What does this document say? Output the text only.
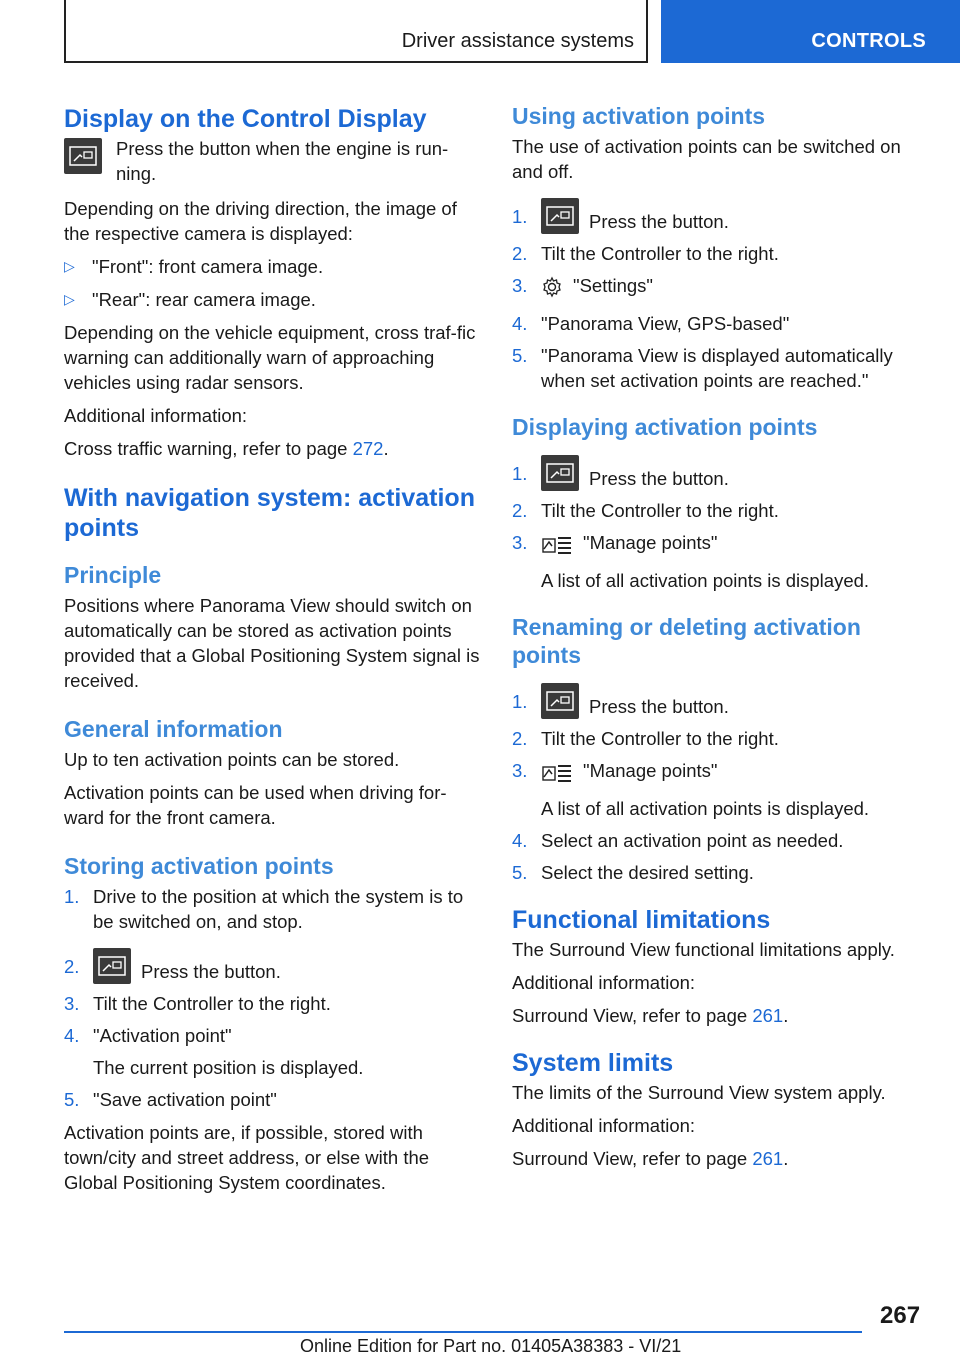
Driver assistance systems	CONTROLS
Display on the Control Display

Press the button when the engine is run-
ning.

Depending on the driving direction, the image of the respective camera is displayed:

▷ "Front": front camera image.
▷ "Rear": rear camera image.

Depending on the vehicle equipment, cross traf-fic warning can additionally warn of approaching vehicles using radar sensors.

Additional information:

Cross traffic warning, refer to page 272.

With navigation system: activation points
Principle

Positions where Panorama View should switch on automatically can be stored as activation points provided that a Global Positioning System signal is received.

General information

Up to ten activation points can be stored.

Activation points can be used when driving for-ward for the front camera.

Storing activation points
1. Drive to the position at which the system is to be switched on, and stop.
2.	Press the button.
3. Tilt the Controller to the right.
4. "Activation point"
The current position is displayed.
5. "Save activation point"

Activation points are, if possible, stored with town/city and street address, or else with the Global Positioning System coordinates.

Using activation points

The use of activation points can be switched on and off.

1.	Press the button.
2. Tilt the Controller to the right.
3. "Settings"
4. "Panorama View, GPS-based"
5. "Panorama View is displayed automatically when set activation points are reached."
Displaying activation points
1.	Press the button.
2. Tilt the Controller to the right.
3.	"Manage points"
A list of all activation points is displayed.
Renaming or deleting activation points
1.	Press the button.
2. Tilt the Controller to the right.
3.	"Manage points"
A list of all activation points is displayed.
4. Select an activation point as needed.
5. Select the desired setting.
Functional limitations

The Surround View functional limitations apply.

Additional information:

Surround View, refer to page 261.

System limits

The limits of the Surround View system apply.

Additional information:

Surround View, refer to page 261.

267
Online Edition for Part no. 01405A38383 - VI/21
